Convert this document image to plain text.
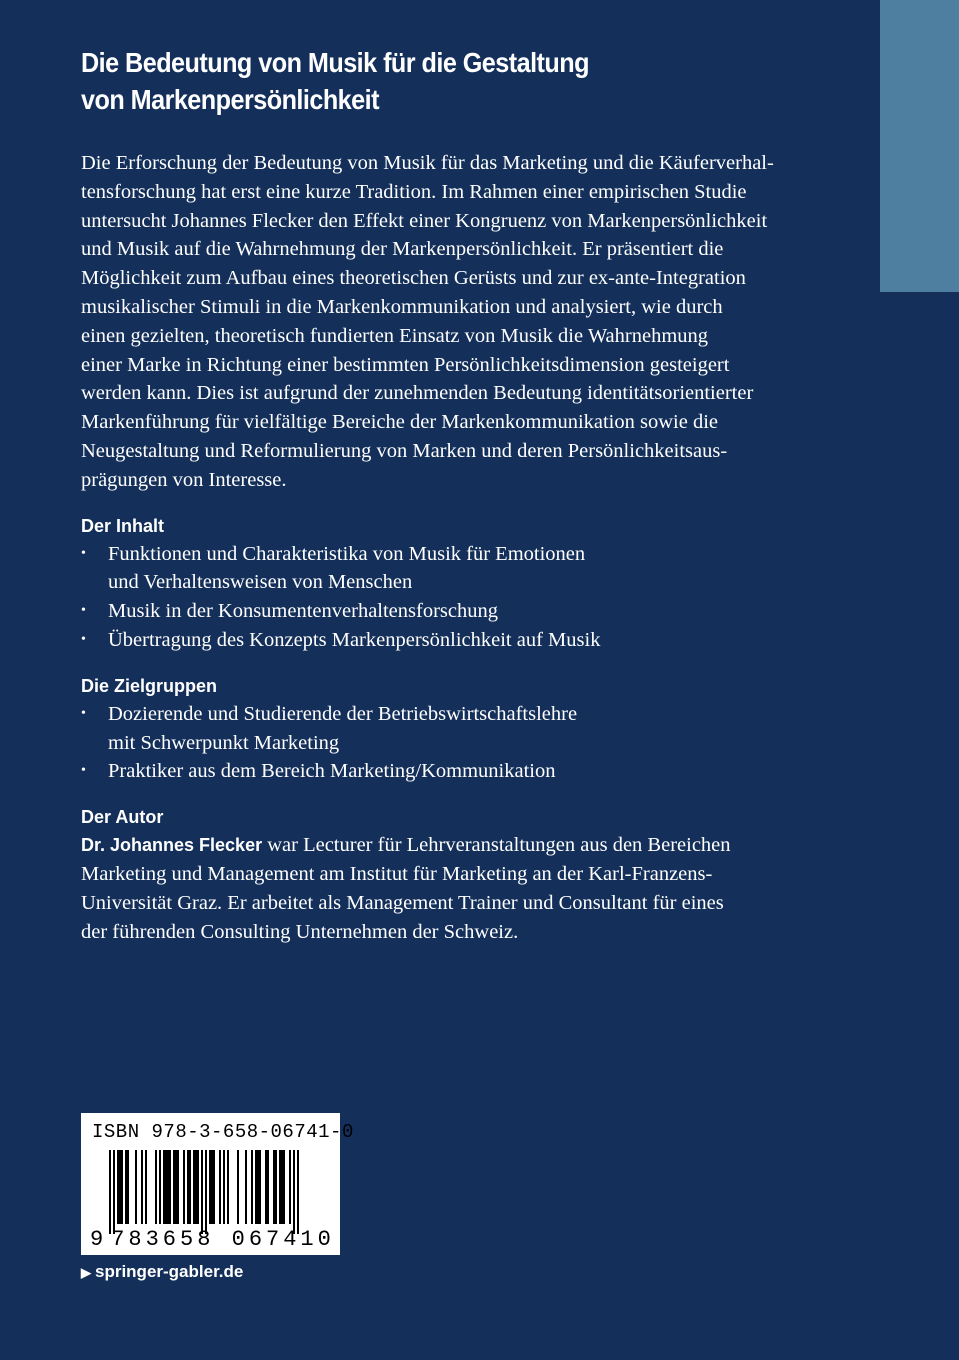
Die Bedeutung von Musik für die Gestaltung
von Markenpersönlichkeit

Die Erforschung der Bedeutung von Musik für das Marketing und die Käuferverhal-
tensforschung hat erst eine kurze Tradition. Im Rahmen einer empirischen Studie
untersucht Johannes Flecker den Effekt einer Kongruenz von Markenpersönlichkeit
und Musik auf die Wahrnehmung der Markenpersönlichkeit. Er präsentiert die
Möglichkeit zum Aufbau eines theoretischen Gerüsts und zur ex-ante-Integration
musikalischer Stimuli in die Markenkommunikation und analysiert, wie durch
einen gezielten, theoretisch fundierten Einsatz von Musik die Wahrnehmung
einer Marke in Richtung einer bestimmten Persönlichkeitsdimension gesteigert
werden kann. Dies ist aufgrund der zunehmenden Bedeutung identitätsorientierter
Markenführung für vielfältige Bereiche der Markenkommunikation sowie die
Neugestaltung und Reformulierung von Marken und deren Persönlichkeitsaus-
prägungen von Interesse.

Der Inhalt
• Funktionen und Charakteristika von Musik für Emotionen
und Verhaltensweisen von Menschen
• Musik in der Konsumentenverhaltensforschung
• Übertragung des Konzepts Markenpersönlichkeit auf Musik
Die Zielgruppen
• Dozierende und Studierende der Betriebswirtschaftslehre
mit Schwerpunkt Marketing
• Praktiker aus dem Bereich Marketing/Kommunikation
Der Autor

Dr. Johannes Flecker war Lecturer für Lehrveranstaltungen aus den Bereichen
Marketing und Management am Institut für Marketing an der Karl-Franzens-
Universität Graz. Er arbeitet als Management Trainer und Consultant für eines
der führenden Consulting Unternehmen der Schweiz.

ISBN 978-3-658-06741-0
9 783658 067410
▶ springer-gabler.de
